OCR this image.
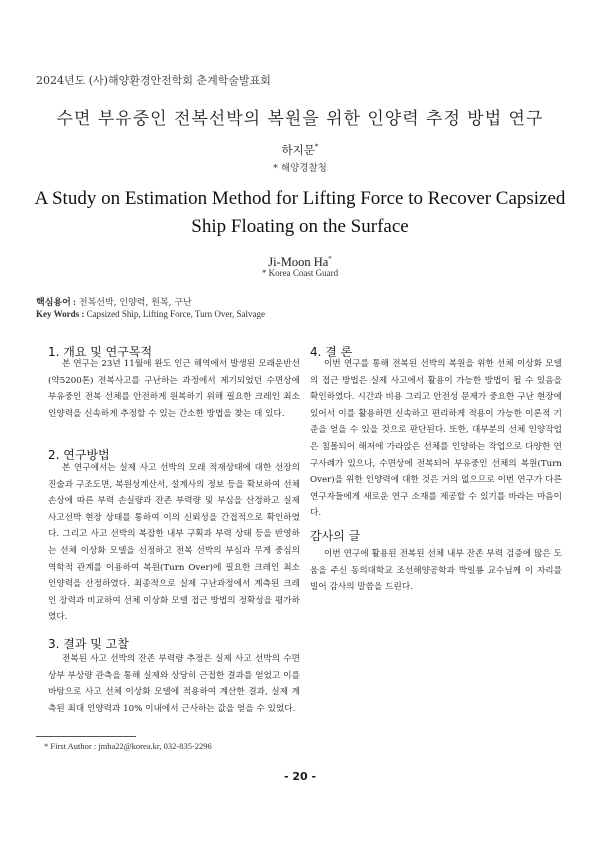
2024년도 (사)해양환경안전학회 춘계학술발표회
수면 부유중인 전복선박의 복원을 위한 인양력 추정 방법 연구
하지문*
* 해양경찰청
A Study on Estimation Method for Lifting Force to Recover Capsized Ship Floating on the Surface
Ji-Moon Ha*
* Korea Coast Guard
핵심용어 : 전복선박, 인양력, 원복, 구난
Key Words : Capsized Ship, Lifting Force, Turn Over, Salvage
1. 개요 및 연구목적

본 연구는 23년 11월에 완도 인근 해역에서 발생된 모래운반선(약5200톤) 전복사고를 구난하는 과정에서 제기되었던 수면상에 부유중인 전복 선체를 안전하게 원복하기 위해 필요한 크레인 최소 인양력을 신속하게 추정할 수 있는 간소한 방법을 찾는 데 있다.

2. 연구방법

본 연구에서는 실제 사고 선박의 모래 적재상태에 대한 선장의 진술과 구조도면, 복원성계산서, 설계사의 정보 등을 확보하여 선체 손상에 따른 부력 손실량과 잔존 부력량 및 부심을 산정하고 실제 사고선박 현장 상태를 통하여 이의 신뢰성을 간접적으로 확인하였다. 그리고 사고 선박의 복잡한 내부 구획과 부력 상태 등을 반영하는 선체 이상화 모델을 선정하고 전복 선박의 부심과 무게 중심의 역학적 관계를 이용하여 복원(Turn Over)에 필요한 크레인 최소 인양력을 산정하였다. 최종적으로 실제 구난과정에서 계측된 크레인 장력과 비교하여 선체 이상화 모델 접근 방법의 정확성을 평가하였다.

3. 결과 및 고찰

전복된 사고 선박의 잔존 부력량 추정은 실제 사고 선박의 수면 상부 부상량 관측을 통해 실제와 상당히 근접한 결과를 얻었고 이를 바탕으로 사고 선체 이상화 모델에 적용하여 계산한 결과, 실제 계측된 최대 인양력과 10% 이내에서 근사하는 값을 얻을 수 있었다.

4. 결 론

이번 연구를 통해 전복된 선박의 복원을 위한 선체 이상화 모델의 접근 방법은 실제 사고에서 활용이 가능한 방법이 될 수 있음을 확인하였다. 시간과 비용 그리고 안전성 문제가 중요한 구난 현장에 있어서 이를 활용하면 신속하고 편리하게 적용이 가능한 이론적 기준을 얻을 수 있을 것으로 판단된다. 또한, 대부분의 선체 인양작업은 침몰되어 해저에 가라앉은 선체를 인양하는 작업으로 다양한 연구사례가 있으나, 수면상에 전복되어 부유중인 선체의 복원(Turn Over)을 위한 인양력에 대한 것은 거의 없으므로 이번 연구가 다른 연구자들에게 새로운 연구 소재를 제공할 수 있기를 바라는 마음이다.

감사의 글

이번 연구에 활용된 전복된 선체 내부 잔존 부력 검증에 많은 도움을 주신 동의대학교 조선해양공학과 박일룡 교수님께 이 자리를 빌어 감사의 말씀을 드린다.

* First Author : jmha22@korea.kr, 032-835-2296
- 20 -
